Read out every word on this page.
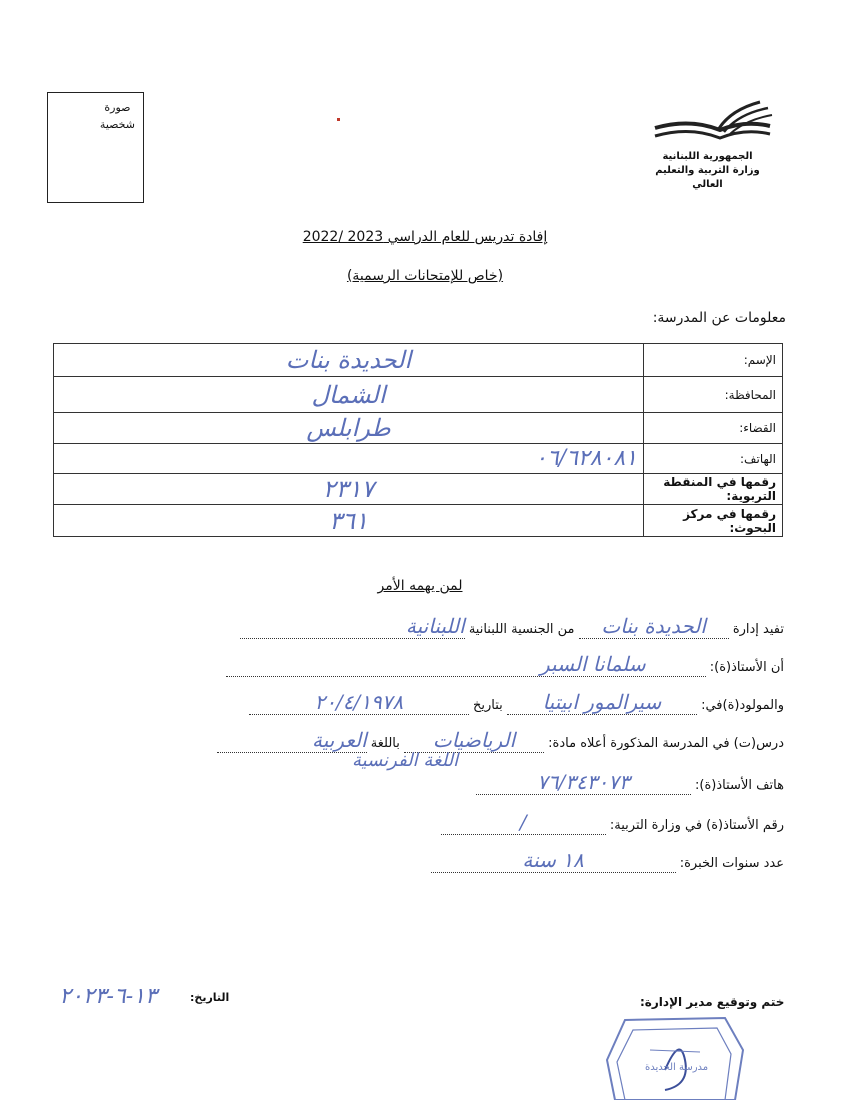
صورة
شخصية
الجمهورية اللبنانية
وزارة التربية والتعليم العالي
إفادة تدريس للعام الدراسي 2023 /2022
(خاص للإمتحانات الرسمية)
معلومات عن المدرسة:
الإسم:	الحديدة بنات
المحافظة:	الشمال
القضاء:	طرابلس
الهاتف:	٠٦/٦٢٨٠٨١
رقمها في المنقطة التربوية:	٢٣١٧
رقمها في مركز البحوث:	٣٦١
لمن يهمه الأمر
تفيد إدارة الحديدة بنات من الجنسية اللبنانية اللبنانية
أن الأستاذ(ة): سلمانا السبر
والمولود(ة)في: سيرالمور ابيتيا بتاريخ ٢٠/٤/١٩٧٨
درس(ت) في المدرسة المذكورة أعلاه مادة: الرياضيات باللغة العربية
اللغة الفرنسية
هاتف الأستاذ(ة): ٧٦/٣٤٣٠٧٣
رقم الأستاذ(ة) في وزارة التربية: /
عدد سنوات الخبرة: ١٨ سنة
التاريخ:
١٣-٦-٢٠٢٣	ختم وتوقيع مدير الإدارة:
مدرسة الحديدة
